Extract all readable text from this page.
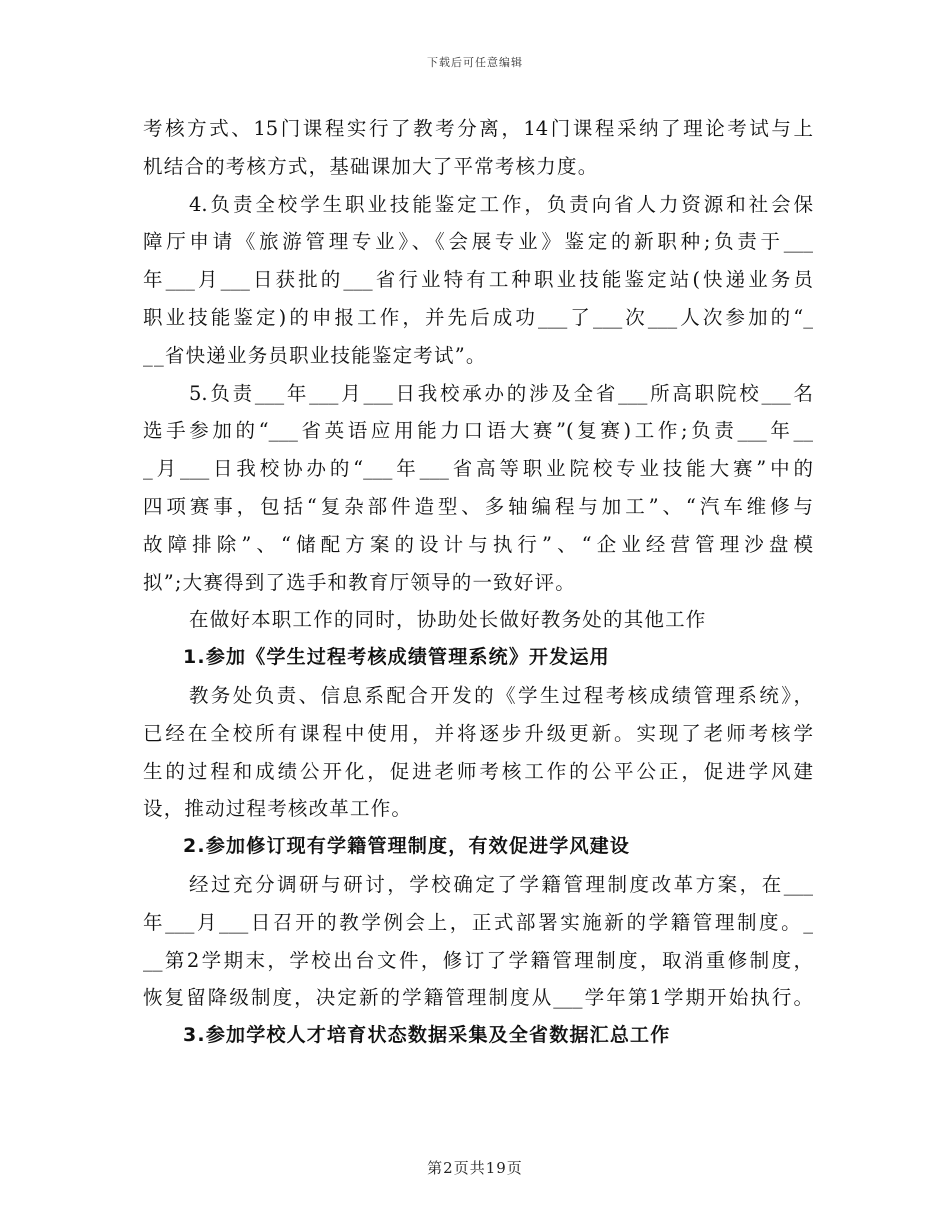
下载后可任意编辑
考核方式、15门课程实行了教考分离，14门课程采纳了理论考试与上
机结合的考核方式，基础课加大了平常考核力度。
4.负责全校学生职业技能鉴定工作，负责向省人力资源和社会保
障厅申请《旅游管理专业》、《会展专业》鉴定的新职种;负责于___
年___月___日获批的___省行业特有工种职业技能鉴定站(快递业务员
职业技能鉴定)的申报工作，并先后成功___了___次___人次参加的“_
__省快递业务员职业技能鉴定考试”。
5.负责___年___月___日我校承办的涉及全省___所高职院校___名
选手参加的“___省英语应用能力口语大赛”(复赛)工作;负责___年__
_月___日我校协办的“___年___省高等职业院校专业技能大赛”中的
四项赛事，包括“复杂部件造型、多轴编程与加工”、“汽车维修与
故障排除”、“储配方案的设计与执行”、“企业经营管理沙盘模
拟”;大赛得到了选手和教育厅领导的一致好评。
在做好本职工作的同时，协助处长做好教务处的其他工作
1.参加《学生过程考核成绩管理系统》开发运用
教务处负责、信息系配合开发的《学生过程考核成绩管理系统》，
已经在全校所有课程中使用，并将逐步升级更新。实现了老师考核学
生的过程和成绩公开化，促进老师考核工作的公平公正，促进学风建
设，推动过程考核改革工作。
2.参加修订现有学籍管理制度，有效促进学风建设
经过充分调研与研讨，学校确定了学籍管理制度改革方案，在___
年___月___日召开的教学例会上，正式部署实施新的学籍管理制度。_
__第2学期末，学校出台文件，修订了学籍管理制度，取消重修制度，
恢复留降级制度，决定新的学籍管理制度从___学年第1学期开始执行。
3.参加学校人才培育状态数据采集及全省数据汇总工作
第2页共19页
